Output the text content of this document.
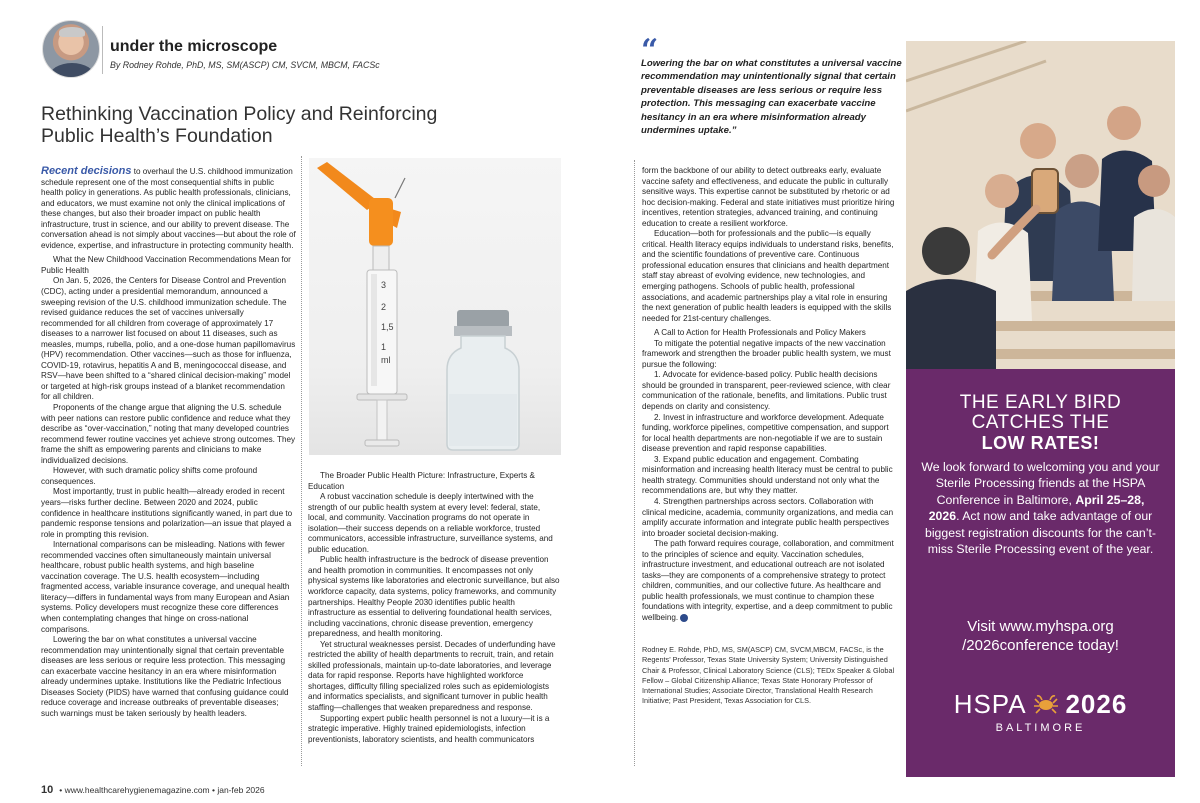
under the microscope
By Rodney Rohde, PhD, MS, SM(ASCP) CM, SVCM, MBCM, FACSc
Rethinking Vaccination Policy and Reinforcing
Public Health’s Foundation

Recent decisions to overhaul the U.S. childhood immunization schedule represent one of the most consequential shifts in public health policy in generations. As public health professionals, clinicians, and educators, we must examine not only the clinical implications of these changes, but also their broader impact on public health infrastructure, trust in science, and our ability to prevent disease. The conversation ahead is not simply about vaccines—but about the role of evidence, expertise, and infrastructure in protecting community health.

What the New Childhood Vaccination Recommendations Mean for Public Health

On Jan. 5, 2026, the Centers for Disease Control and Prevention (CDC), acting under a presidential memorandum, announced a sweeping revision of the U.S. childhood immunization schedule. The revised guidance reduces the set of vaccines universally recommended for all children from coverage of approximately 17 diseases to a narrower list focused on about 11 diseases, such as measles, mumps, rubella, polio, and a one-dose human papillomavirus (HPV) recommendation. Other vaccines—such as those for influenza, COVID-19, rotavirus, hepatitis A and B, meningococcal disease, and RSV—have been shifted to a “shared clinical decision-making” model or targeted at high-risk groups instead of a blanket recommendation for all children.

Proponents of the change argue that aligning the U.S. schedule with peer nations can restore public confidence and reduce what they describe as “over-vaccination,” noting that many developed countries recommend fewer routine vaccines yet achieve strong outcomes. They frame the shift as empowering parents and clinicians to make individualized decisions.

However, with such dramatic policy shifts come profound consequences.

Most importantly, trust in public health—already eroded in recent years—risks further decline. Between 2020 and 2024, public confidence in healthcare institutions significantly waned, in part due to pandemic response tensions and polarization—an issue that played a role in prompting this revision.

International comparisons can be misleading. Nations with fewer recommended vaccines often simultaneously maintain universal healthcare, robust public health systems, and high baseline vaccination coverage. The U.S. health ecosystem—including fragmented access, variable insurance coverage, and unequal health literacy—differs in fundamental ways from many European and Asian systems. Policy developers must recognize these core differences when contemplating changes that hinge on cross-national comparisons.

Lowering the bar on what constitutes a universal vaccine recommendation may unintentionally signal that certain preventable diseases are less serious or require less protection. This messaging can exacerbate vaccine hesitancy in an era where misinformation already undermines uptake. Institutions like the Pediatric Infectious Diseases Society (PIDS) have warned that confusing guidance could reduce coverage and increase outbreaks of preventable diseases; such warnings must be taken seriously by health leaders.

3
2
1,5
1
ml

The Broader Public Health Picture: Infrastructure, Experts & Education

A robust vaccination schedule is deeply intertwined with the strength of our public health system at every level: federal, state, local, and community. Vaccination programs do not operate in isolation—their success depends on a reliable workforce, trusted communicators, accessible infrastructure, surveillance systems, and public education.

Public health infrastructure is the bedrock of disease prevention and health promotion in communities. It encompasses not only physical systems like laboratories and electronic surveillance, but also workforce capacity, data systems, policy frameworks, and community partnerships. Healthy People 2030 identifies public health infrastructure as essential to delivering foundational health services, including vaccinations, chronic disease prevention, emergency preparedness, and health monitoring.

Yet structural weaknesses persist. Decades of underfunding have restricted the ability of health departments to recruit, train, and retain skilled professionals, maintain up-to-date laboratories, and leverage data for rapid response. Reports have highlighted workforce shortages, difficulty filling specialized roles such as epidemiologists and informatics specialists, and significant turnover in public health staffing—challenges that weaken preparedness and response.

Supporting expert public health personnel is not a luxury—it is a strategic imperative. Highly trained epidemiologists, infection preventionists, laboratory scientists, and health communicators

10 • www.healthcarehygienemagazine.com • jan-feb 2026
“
Lowering the bar on what constitutes a universal vaccine recommendation may unintentionally signal that certain preventable diseases are less serious or require less protection. This messaging can exacerbate vaccine hesitancy in an era where misinformation already undermines uptake.”

form the backbone of our ability to detect outbreaks early, evaluate vaccine safety and effectiveness, and educate the public in culturally sensitive ways. This expertise cannot be substituted by rhetoric or ad hoc decision-making. Federal and state initiatives must prioritize hiring incentives, retention strategies, advanced training, and continuing education to create a resilient workforce.

Education—both for professionals and the public—is equally critical. Health literacy equips individuals to understand risks, benefits, and the scientific foundations of preventive care. Continuous professional education ensures that clinicians and health department staff stay abreast of evolving evidence, new technologies, and emerging pathogens. Schools of public health, professional associations, and academic partnerships play a vital role in ensuring the next generation of public health leaders is equipped with the skills needed for 21st-century challenges.

A Call to Action for Health Professionals and Policy Makers

To mitigate the potential negative impacts of the new vaccination framework and strengthen the broader public health system, we must pursue the following:

1. Advocate for evidence-based policy. Public health decisions should be grounded in transparent, peer-reviewed science, with clear communication of the rationale, benefits, and limitations. Public trust depends on clarity and consistency.

2. Invest in infrastructure and workforce development. Adequate funding, workforce pipelines, competitive compensation, and support for local health departments are non-negotiable if we are to sustain disease prevention and rapid response capabilities.

3. Expand public education and engagement. Combating misinformation and increasing health literacy must be central to public health strategy. Communities should understand not only what the recommendations are, but why they matter.

4. Strengthen partnerships across sectors. Collaboration with clinical medicine, academia, community organizations, and media can amplify accurate information and integrate public health perspectives into broader societal decision-making.

The path forward requires courage, collaboration, and commitment to the principles of science and equity. Vaccination schedules, infrastructure investment, and educational outreach are not isolated tasks—they are components of a comprehensive strategy to protect children, communities, and our collective future. As healthcare and public health professionals, we must continue to champion these foundations with integrity, expertise, and a deep commitment to public wellbeing.

Rodney E. Rohde, PhD, MS, SM(ASCP) CM, SVCM,MBCM, FACSc, is the Regents’ Professor, Texas State University System; University Distinguished Chair & Professor, Clinical Laboratory Science (CLS); TEDx Speaker & Global Fellow – Global Citizenship Alliance; Texas State Honorary Professor of International Studies; Associate Director, Translational Health Research Initiative; Past President, Texas Association for CLS.
THE EARLY BIRD
CATCHES THE
LOW RATES!
We look forward to welcoming you and your Sterile Processing friends at the HSPA Conference in Baltimore, April 25–28, 2026. Act now and take advantage of our biggest registration discounts for the can’t-miss Sterile Processing event of the year.
Visit www.myhspa.org
/2026conference today!
HSPA 2026
BALTIMORE
